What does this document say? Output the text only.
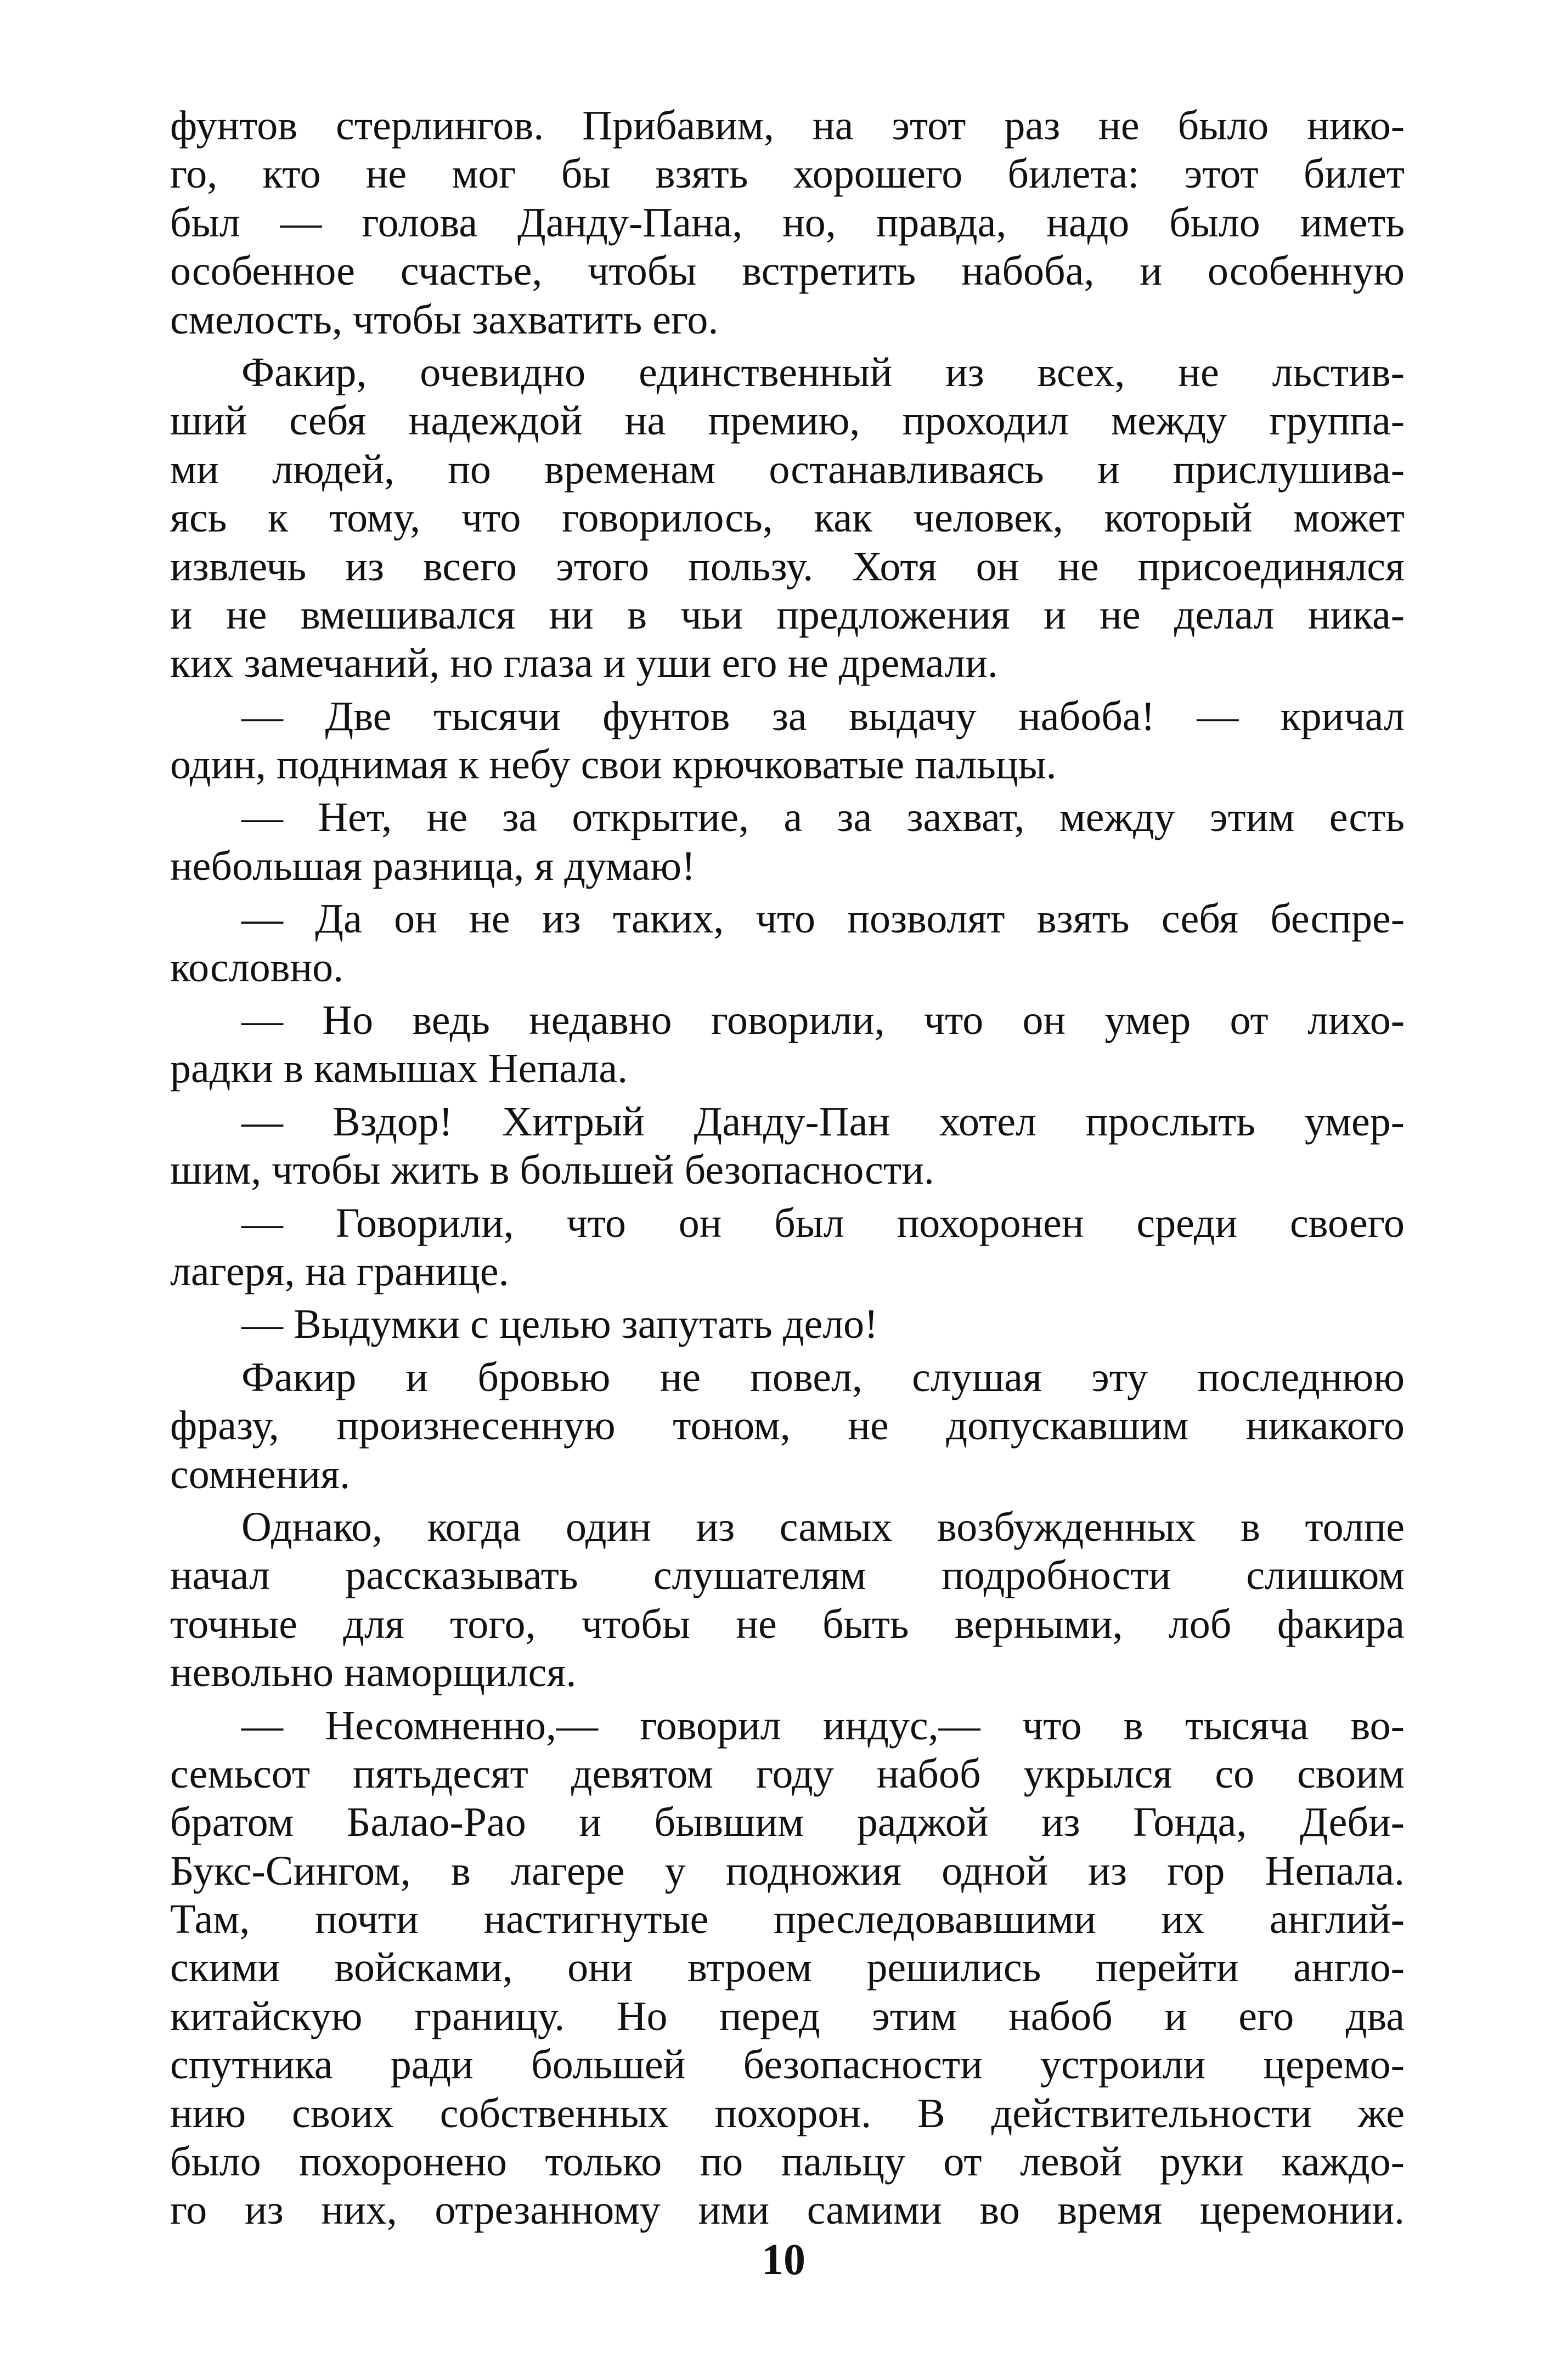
фунтов стерлингов. Прибавим, на этот раз не было нико-
го, кто не мог бы взять хорошего билета: этот билет
был — голова Данду-Пана, но, правда, надо было иметь
особенное счастье, чтобы встретить набоба, и особенную
смелость, чтобы захватить его.
Факир, очевидно единственный из всех, не льстив-
ший себя надеждой на премию, проходил между группа-
ми людей, по временам останавливаясь и прислушива-
ясь к тому, что говорилось, как человек, который может
извлечь из всего этого пользу. Хотя он не присоединялся
и не вмешивался ни в чьи предложения и не делал ника-
ких замечаний, но глаза и уши его не дремали.
— Две тысячи фунтов за выдачу набоба! — кричал
один, поднимая к небу свои крючковатые пальцы.
— Нет, не за открытие, а за захват, между этим есть
небольшая разница, я думаю!
— Да он не из таких, что позволят взять себя беспре-
кословно.
— Но ведь недавно говорили, что он умер от лихо-
радки в камышах Непала.
— Вздор! Хитрый Данду-Пан хотел прослыть умер-
шим, чтобы жить в большей безопасности.
— Говорили, что он был похоронен среди своего
лагеря, на границе.
— Выдумки с целью запутать дело!
Факир и бровью не повел, слушая эту последнюю
фразу, произнесенную тоном, не допускавшим никакого
сомнения.
Однако, когда один из самых возбужденных в толпе
начал рассказывать слушателям подробности слишком
точные для того, чтобы не быть верными, лоб факира
невольно наморщился.
— Несомненно,— говорил индус,— что в тысяча во-
семьсот пятьдесят девятом году набоб укрылся со своим
братом Балао-Рао и бывшим раджой из Гонда, Деби-
Букс-Сингом, в лагере у подножия одной из гор Непала.
Там, почти настигнутые преследовавшими их англий-
скими войсками, они втроем решились перейти англо-
китайскую границу. Но перед этим набоб и его два
спутника ради большей безопасности устроили церемо-
нию своих собственных похорон. В действительности же
было похоронено только по пальцу от левой руки каждо-
го из них, отрезанному ими самими во время церемонии.
10
